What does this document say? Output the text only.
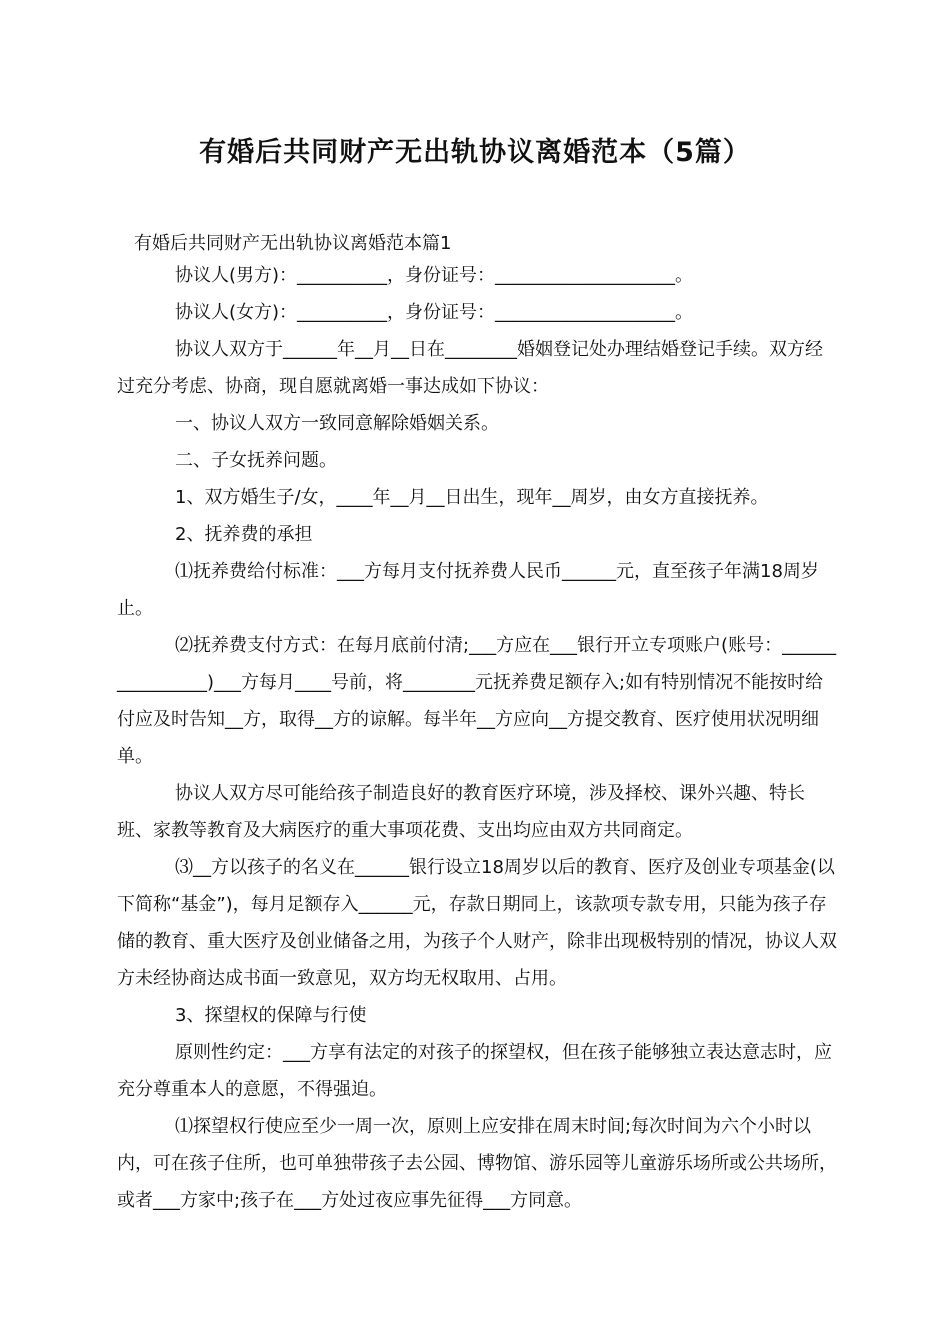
有婚后共同财产无出轨协议离婚范本（5篇）
有婚后共同财产无出轨协议离婚范本篇1

协议人(男方)：__________，身份证号：____________________。

协议人(女方)：__________，身份证号：____________________。

协议人双方于______年__月__日在________婚姻登记处办理结婚登记手续。双方经过充分考虑、协商，现自愿就离婚一事达成如下协议：

一、协议人双方一致同意解除婚姻关系。

二、子女抚养问题。

1、双方婚生子/女，____年__月__日出生，现年__周岁，由女方直接抚养。

2、抚养费的承担

⑴抚养费给付标准：___方每月支付抚养费人民币______元，直至孩子年满18周岁止。

⑵抚养费支付方式：在每月底前付清;___方应在___银行开立专项账户(账号：________________)___方每月____号前，将________元抚养费足额存入;如有特别情况不能按时给付应及时告知__方，取得__方的谅解。每半年__方应向__方提交教育、医疗使用状况明细单。

协议人双方尽可能给孩子制造良好的教育医疗环境，涉及择校、课外兴趣、特长班、家教等教育及大病医疗的重大事项花费、支出均应由双方共同商定。

⑶__方以孩子的名义在______银行设立18周岁以后的教育、医疗及创业专项基金(以下简称“基金”)，每月足额存入______元，存款日期同上，该款项专款专用，只能为孩子存储的教育、重大医疗及创业储备之用，为孩子个人财产，除非出现极特别的情况，协议人双方未经协商达成书面一致意见，双方均无权取用、占用。

3、探望权的保障与行使

原则性约定：___方享有法定的对孩子的探望权，但在孩子能够独立表达意志时，应充分尊重本人的意愿，不得强迫。

⑴探望权行使应至少一周一次，原则上应安排在周末时间;每次时间为六个小时以内，可在孩子住所，也可单独带孩子去公园、博物馆、游乐园等儿童游乐场所或公共场所，或者___方家中;孩子在___方处过夜应事先征得___方同意。
